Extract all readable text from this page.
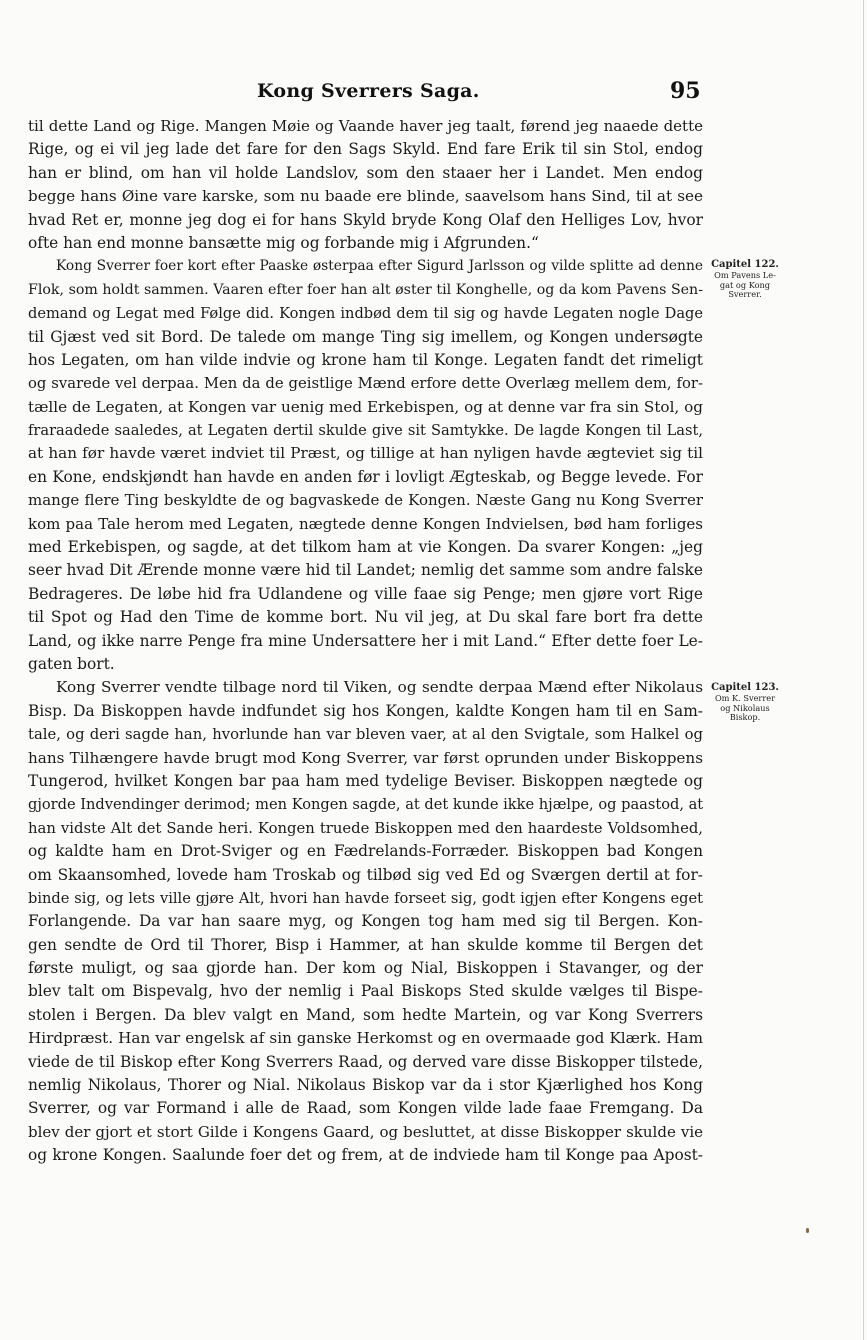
Kong Sverrers Saga.	95
til dette Land og Rige. Mangen Møie og Vaande haver jeg taalt, førend jeg naaede dette
Rige, og ei vil jeg lade det fare for den Sags Skyld. End fare Erik til sin Stol, endog
han er blind, om han vil holde Landslov, som den staaer her i Landet. Men endog
begge hans Øine vare karske, som nu baade ere blinde, saavelsom hans Sind, til at see
hvad Ret er, monne jeg dog ei for hans Skyld bryde Kong Olaf den Helliges Lov, hvor
ofte han end monne bansætte mig og forbande mig i Afgrunden.“
Kong Sverrer foer kort efter Paaske østerpaa efter Sigurd Jarlsson og vilde splitte ad denne
Flok, som holdt sammen. Vaaren efter foer han alt øster til Konghelle, og da kom Pavens Sen-
demand og Legat med Følge did. Kongen indbød dem til sig og havde Legaten nogle Dage
til Gjæst ved sit Bord. De talede om mange Ting sig imellem, og Kongen undersøgte
hos Legaten, om han vilde indvie og krone ham til Konge. Legaten fandt det rimeligt
og svarede vel derpaa. Men da de geistlige Mænd erfore dette Overlæg mellem dem, for-
tælle de Legaten, at Kongen var uenig med Erkebispen, og at denne var fra sin Stol, og
fraraadede saaledes, at Legaten dertil skulde give sit Samtykke. De lagde Kongen til Last,
at han før havde været indviet til Præst, og tillige at han nyligen havde ægteviet sig til
en Kone, endskjøndt han havde en anden før i lovligt Ægteskab, og Begge levede. For
mange flere Ting beskyldte de og bagvaskede de Kongen. Næste Gang nu Kong Sverrer
kom paa Tale herom med Legaten, nægtede denne Kongen Indvielsen, bød ham forliges
med Erkebispen, og sagde, at det tilkom ham at vie Kongen. Da svarer Kongen: „jeg
seer hvad Dit Ærende monne være hid til Landet; nemlig det samme som andre falske
Bedrageres. De løbe hid fra Udlandene og ville faae sig Penge; men gjøre vort Rige
til Spot og Had den Time de komme bort. Nu vil jeg, at Du skal fare bort fra dette
Land, og ikke narre Penge fra mine Undersattere her i mit Land.“ Efter dette foer Le-
gaten bort.
Kong Sverrer vendte tilbage nord til Viken, og sendte derpaa Mænd efter Nikolaus
Bisp. Da Biskoppen havde indfundet sig hos Kongen, kaldte Kongen ham til en Sam-
tale, og deri sagde han, hvorlunde han var bleven vaer, at al den Svigtale, som Halkel og
hans Tilhængere havde brugt mod Kong Sverrer, var først oprunden under Biskoppens
Tungerod, hvilket Kongen bar paa ham med tydelige Beviser. Biskoppen nægtede og
gjorde Indvendinger derimod; men Kongen sagde, at det kunde ikke hjælpe, og paastod, at
han vidste Alt det Sande heri. Kongen truede Biskoppen med den haardeste Voldsomhed,
og kaldte ham en Drot-Sviger og en Fædrelands-Forræder. Biskoppen bad Kongen
om Skaansomhed, lovede ham Troskab og tilbød sig ved Ed og Sværgen dertil at for-
binde sig, og lets ville gjøre Alt, hvori han havde forseet sig, godt igjen efter Kongens eget
Forlangende. Da var han saare myg, og Kongen tog ham med sig til Bergen. Kon-
gen sendte de Ord til Thorer, Bisp i Hammer, at han skulde komme til Bergen det
første muligt, og saa gjorde han. Der kom og Nial, Biskoppen i Stavanger, og der
blev talt om Bispevalg, hvo der nemlig i Paal Biskops Sted skulde vælges til Bispe-
stolen i Bergen. Da blev valgt en Mand, som hedte Martein, og var Kong Sverrers
Hirdpræst. Han var engelsk af sin ganske Herkomst og en overmaade god Klærk. Ham
viede de til Biskop efter Kong Sverrers Raad, og derved vare disse Biskopper tilstede,
nemlig Nikolaus, Thorer og Nial. Nikolaus Biskop var da i stor Kjærlighed hos Kong
Sverrer, og var Formand i alle de Raad, som Kongen vilde lade faae Fremgang. Da
blev der gjort et stort Gilde i Kongens Gaard, og besluttet, at disse Biskopper skulde vie
og krone Kongen. Saalunde foer det og frem, at de indviede ham til Konge paa Apost-
Capitel 122.
Om Pavens Le-
gat og Kong
Sverrer.
Capitel 123.
Om K. Sverrer
og Nikolaus
Biskop.
